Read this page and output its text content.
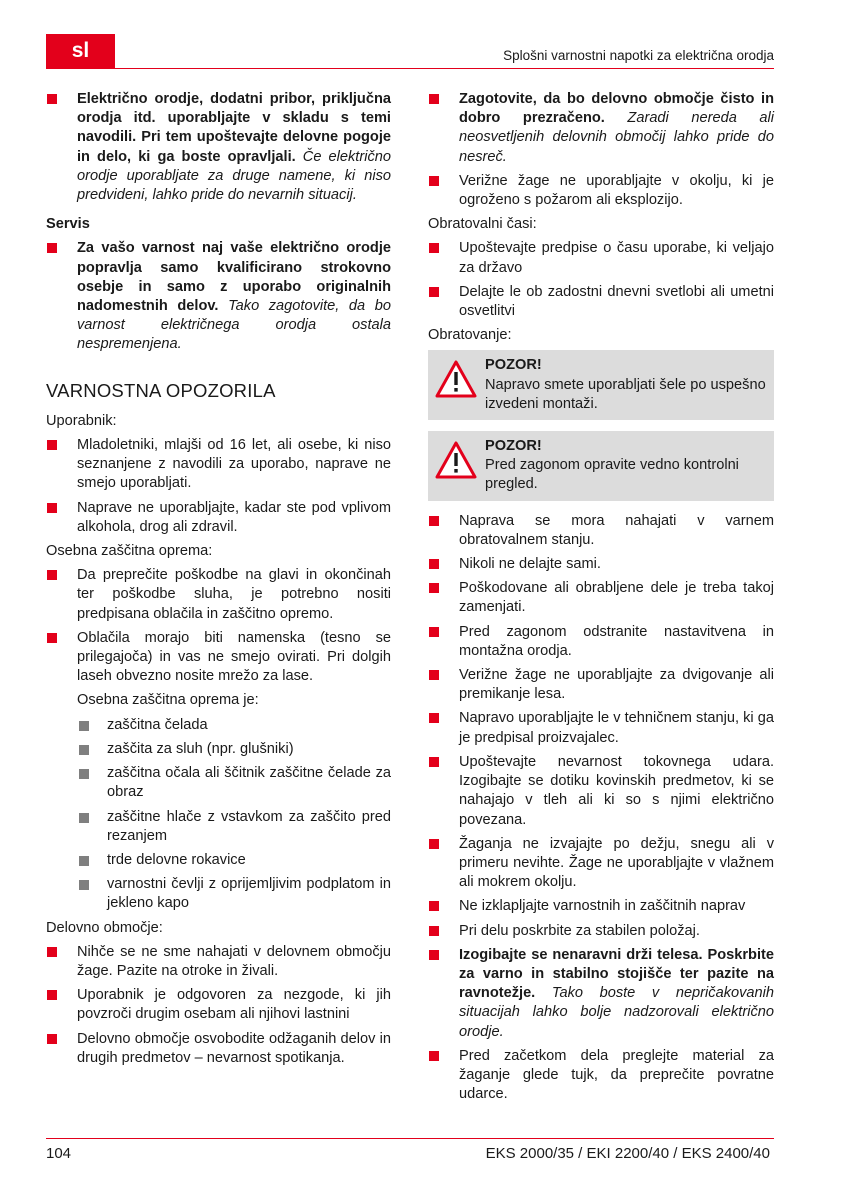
sl	Splošni varnostni napotki za električna orodja
Električno orodje, dodatni pribor, priključna orodja itd. uporabljajte v skladu s temi navodili. Pri tem upoštevajte delovne pogoje in delo, ki ga boste opravljali. Če električno orodje uporabljate za druge namene, ki niso predvideni, lahko pride do nevarnih situacij.
Servis
Za vašo varnost naj vaše električno orodje popravlja samo kvalificirano strokovno osebje in samo z uporabo originalnih nadomestnih delov. Tako zagotovite, da bo varnost električnega orodja ostala nespremenjena.
VARNOSTNA OPOZORILA
Uporabnik:
Mladoletniki, mlajši od 16 let, ali osebe, ki niso seznanjene z navodili za uporabo, naprave ne smejo uporabljati.
Naprave ne uporabljajte, kadar ste pod vplivom alkohola, drog ali zdravil.
Osebna zaščitna oprema:
Da preprečite poškodbe na glavi in okončinah ter poškodbe sluha, je potrebno nositi predpisana oblačila in zaščitno opremo.
Oblačila morajo biti namenska (tesno se prilegajoča) in vas ne smejo ovirati. Pri dolgih laseh obvezno nosite mrežo za lase.
Osebna zaščitna oprema je:
zaščitna čelada
zaščita za sluh (npr. glušniki)
zaščitna očala ali ščitnik zaščitne čelade za obraz
zaščitne hlače z vstavkom za zaščito pred rezanjem
trde delovne rokavice
varnostni čevlji z oprijemljivim podplatom in jekleno kapo
Delovno območje:
Nihče se ne sme nahajati v delovnem območju žage. Pazite na otroke in živali.
Uporabnik je odgovoren za nezgode, ki jih povzroči drugim osebam ali njihovi lastnini
Delovno območje osvobodite odžaganih delov in drugih predmetov – nevarnost spotikanja.
Zagotovite, da bo delovno območje čisto in dobro prezračeno. Zaradi nereda ali neosvetljenih delovnih območij lahko pride do nesreč.
Verižne žage ne uporabljajte v okolju, ki je ogroženo s požarom ali eksplozijo.
Obratovalni časi:
Upoštevajte predpise o času uporabe, ki veljajo za državo
Delajte le ob zadostni dnevni svetlobi ali umetni osvetlitvi
Obratovanje:
POZOR!
Napravo smete uporabljati šele po uspešno izvedeni montaži.
POZOR!
Pred zagonom opravite vedno kontrolni pregled.
Naprava se mora nahajati v varnem obratovalnem stanju.
Nikoli ne delajte sami.
Poškodovane ali obrabljene dele je treba takoj zamenjati.
Pred zagonom odstranite nastavitvena in montažna orodja.
Verižne žage ne uporabljajte za dvigovanje ali premikanje lesa.
Napravo uporabljajte le v tehničnem stanju, ki ga je predpisal proizvajalec.
Upoštevajte nevarnost tokovnega udara. Izogibajte se dotiku kovinskih predmetov, ki se nahajajo v tleh ali ki so s njimi električno povezana.
Žaganja ne izvajajte po dežju, snegu ali v primeru nevihte. Žage ne uporabljajte v vlažnem ali mokrem okolju.
Ne izklapljajte varnostnih in zaščitnih naprav
Pri delu poskrbite za stabilen položaj.
Izogibajte se nenaravni drži telesa. Poskrbite za varno in stabilno stojišče ter pazite na ravnotežje. Tako boste v nepričakovanih situacijah lahko bolje nadzorovali električno orodje.
Pred začetkom dela preglejte material za žaganje glede tujk, da preprečite povratne udarce.
104	EKS 2000/35 / EKI 2200/40 / EKS 2400/40
